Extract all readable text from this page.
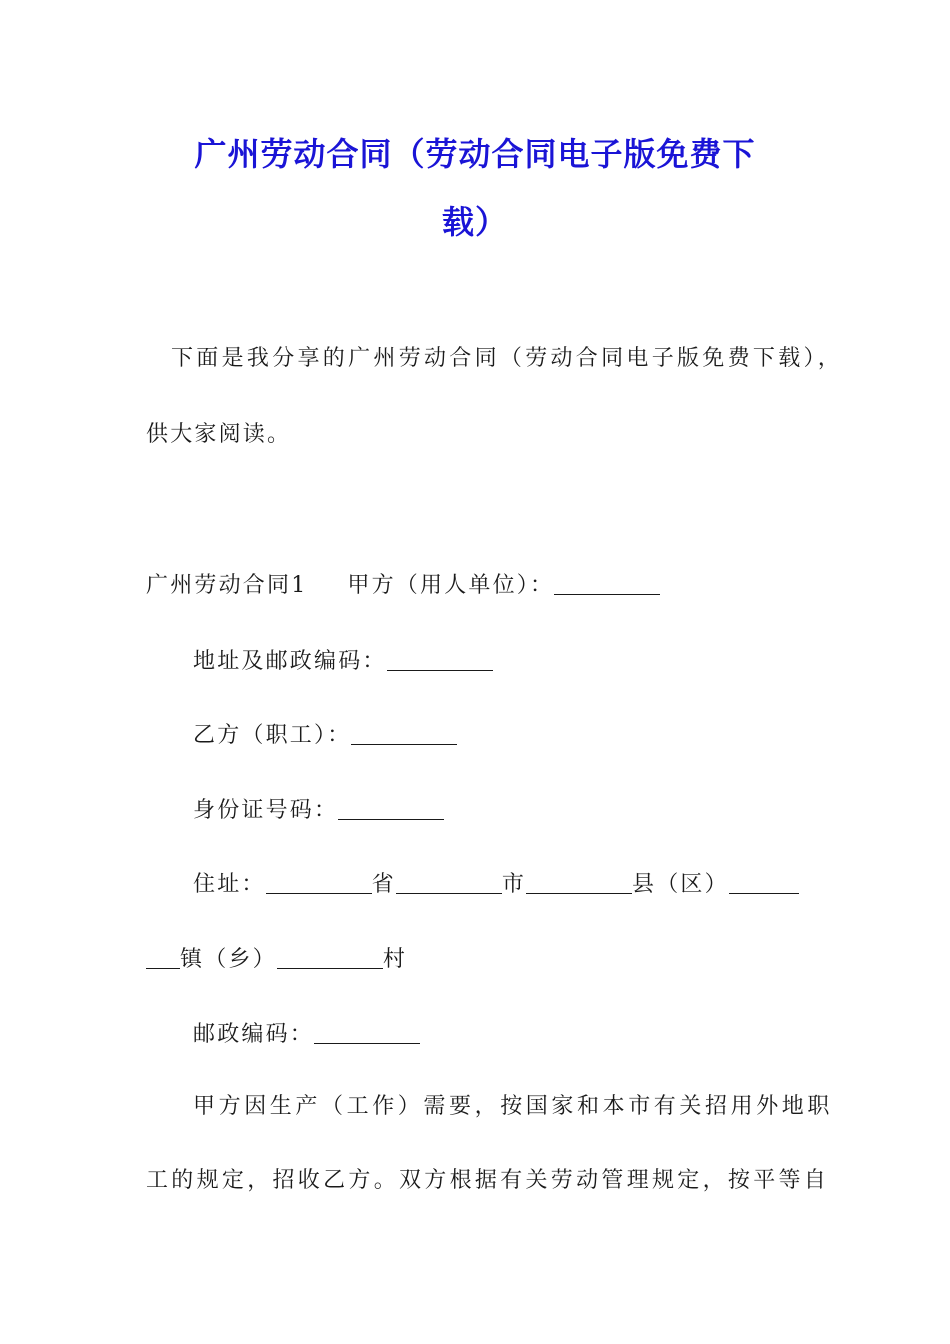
广州劳动合同（劳动合同电子版免费下
载）
下面是我分享的广州劳动合同（劳动合同电子版免费下载），
供大家阅读。
广州劳动合同1 甲方（用人单位）：
地址及邮政编码：
乙方（职工）：
身份证号码：
住址：	省	市	县（区）
镇（乡）	村
邮政编码：
甲方因生产（工作）需要，按国家和本市有关招用外地职
工的规定，招收乙方。双方根据有关劳动管理规定，按平等自
